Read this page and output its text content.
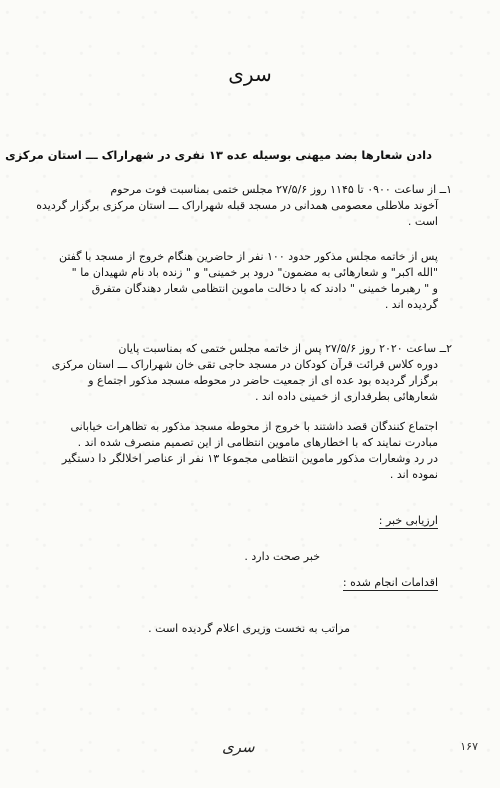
سری
دادن شعارها بضد میهنی بوسیله عده ۱۳ نفری در شهراراک ـــ استان مرکزی
۱ــ از ساعت ۰۹۰۰ تا ۱۱۴۵ روز ۲۷/۵/۶ مجلس ختمی بمناسبت فوت مرحوم
آخوند ملاطلی معصومی همدانی در مسجد قبله شهراراک ـــ استان مرکزی برگزار گردیده
است .
پس از خاتمه مجلس مذکور حدود ۱۰۰ نفر از حاضرین هنگام خروج از مسجد با گفتن
"الله اکبر" و شعارهائی به مضمون" درود بر خمینی" و " زنده باد نام شهیدان ما "
و " رهبرما خمینی " دادند که با دخالت ماموین انتظامی شعار دهندگان متفرق
گردیده اند .
۲ــ ساعت ۲۰۲۰ روز ۲۷/۵/۶ پس از خاتمه مجلس ختمی که بمناسبت پایان
دوره کلاس قرائت قرآن کودکان در مسجد حاجی تقی خان شهراراک ـــ استان مرکزی
برگزار گردیده بود عده ای از جمعیت حاضر در محوطه مسجد مذکور اجتماع و
شعارهائی بطرفداری از خمینی داده اند .
اجتماع کنندگان قصد داشتند با خروج از محوطه مسجد مذکور به تظاهرات خیابانی
مبادرت نمایند که با اخطارهای ماموین انتظامی از این تصمیم منصرف شده اند .
در رد وشعارات مذکور ماموین انتظامی مجموعا ۱۳ نفر از عناصر اخلالگر دا دستگیر
نموده اند .
ارزیابی خبر :
خبر صحت دارد .
اقدامات انجام شده :
مراتب به نخست وزیری اعلام گردیده است .
سری	۱۶۷
